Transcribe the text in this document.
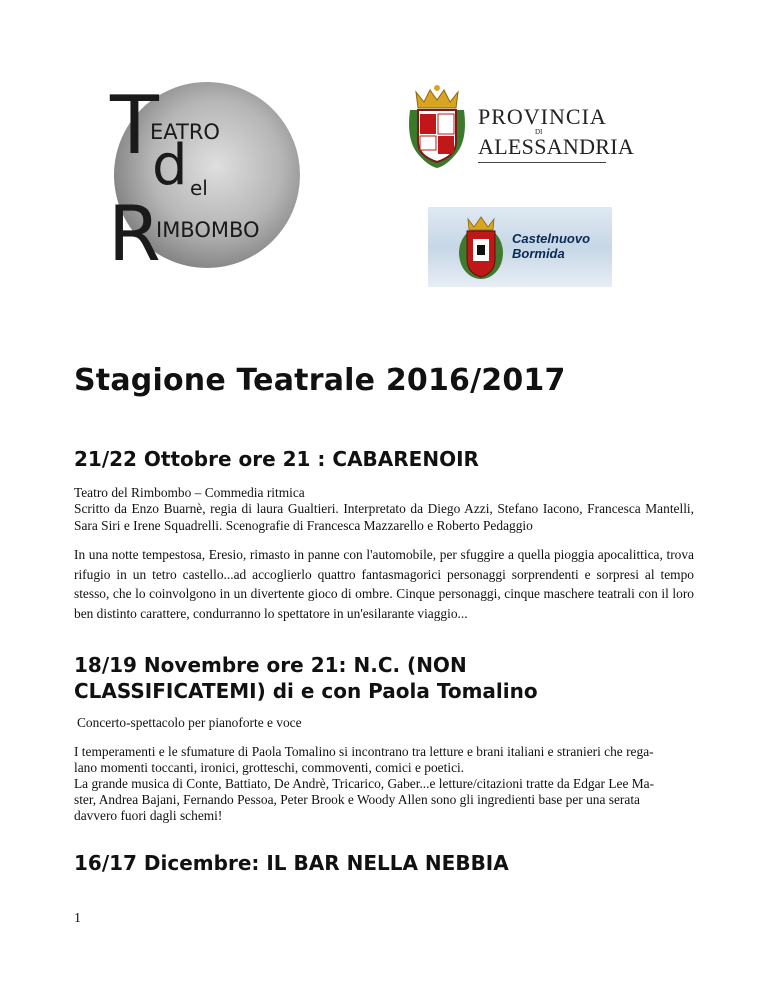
T
EATRO
d el
R
IMBOMBO
PROVINCIA
DI
ALESSANDRIA
Castelnuovo
Bormida
Stagione Teatrale 2016/2017
21/22 Ottobre ore 21 : CABARENOIR
Teatro del Rimbombo – Commedia ritmica
Scritto da Enzo Buarnè, regia di laura Gualtieri. Interpretato da Diego Azzi, Stefano Iacono, Francesca Mantelli, Sara Siri e Irene Squadrelli. Scenografie di Francesca Mazzarello e Roberto Pedaggio
In una notte tempestosa, Eresio, rimasto in panne con l'automobile, per sfuggire a quella pioggia apocalittica, trova rifugio in un tetro castello...ad accoglierlo quattro fantasmagorici personaggi sorprendenti e sorpresi al tempo stesso, che lo coinvolgono in un divertente gioco di ombre. Cinque personaggi, cinque maschere teatrali con il loro ben distinto carattere, condurranno lo spettatore in un'esilarante viaggio...
18/19 Novembre ore 21: N.C. (NON
CLASSIFICATEMI) di e con Paola Tomalino
Concerto-spettacolo per pianoforte e voce
I temperamenti e le sfumature di Paola Tomalino si incontrano tra letture e brani italiani e stranieri che rega-
lano momenti toccanti, ironici, grotteschi, commoventi, comici e poetici.
La grande musica di Conte, Battiato, De Andrè, Tricarico, Gaber...e letture/citazioni tratte da Edgar Lee Ma-
ster, Andrea Bajani, Fernando Pessoa, Peter Brook e Woody Allen sono gli ingredienti base per una serata
davvero fuori dagli schemi!
16/17 Dicembre: IL BAR NELLA NEBBIA
1
